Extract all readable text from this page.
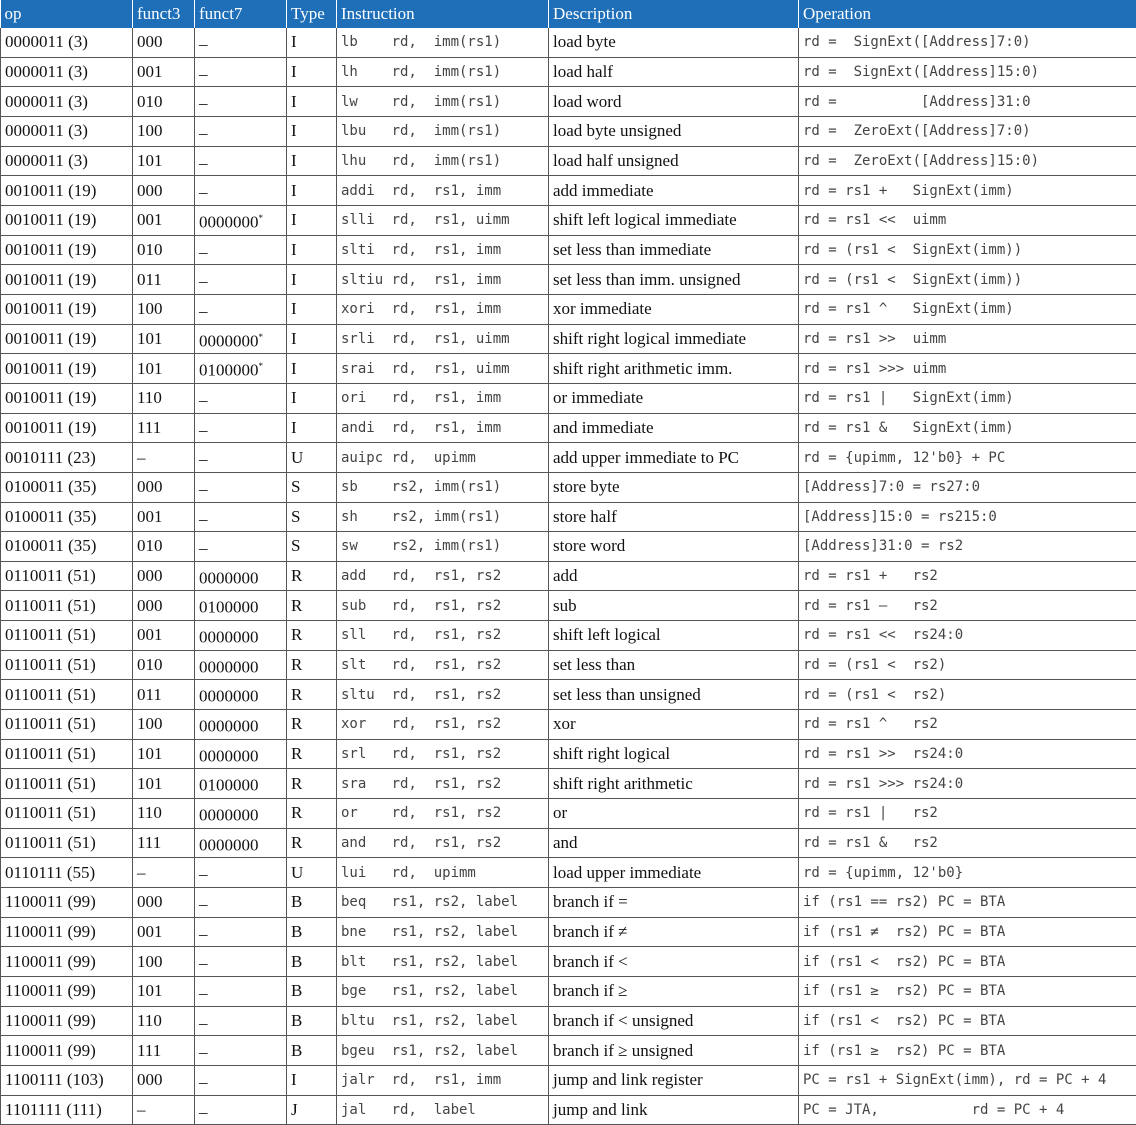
op	funct3	funct7	Type	Instruction	Description	Operation
0000011 (3)	000	–	I	lb    rd,  imm(rs1)	load byte	rd =  SignExt([Address]7:0)
0000011 (3)	001	–	I	lh    rd,  imm(rs1)	load half	rd =  SignExt([Address]15:0)
0000011 (3)	010	–	I	lw    rd,  imm(rs1)	load word	rd =          [Address]31:0
0000011 (3)	100	–	I	lbu   rd,  imm(rs1)	load byte unsigned	rd =  ZeroExt([Address]7:0)
0000011 (3)	101	–	I	lhu   rd,  imm(rs1)	load half unsigned	rd =  ZeroExt([Address]15:0)
0010011 (19)	000	–	I	addi  rd,  rs1, imm	add immediate	rd = rs1 +   SignExt(imm)
0010011 (19)	001	0000000*	I	slli  rd,  rs1, uimm	shift left logical immediate	rd = rs1 <<  uimm
0010011 (19)	010	–	I	slti  rd,  rs1, imm	set less than immediate	rd = (rs1 <  SignExt(imm))
0010011 (19)	011	–	I	sltiu rd,  rs1, imm	set less than imm. unsigned	rd = (rs1 <  SignExt(imm))
0010011 (19)	100	–	I	xori  rd,  rs1, imm	xor immediate	rd = rs1 ^   SignExt(imm)
0010011 (19)	101	0000000*	I	srli  rd,  rs1, uimm	shift right logical immediate	rd = rs1 >>  uimm
0010011 (19)	101	0100000*	I	srai  rd,  rs1, uimm	shift right arithmetic imm.	rd = rs1 >>> uimm
0010011 (19)	110	–	I	ori   rd,  rs1, imm	or immediate	rd = rs1 |   SignExt(imm)
0010011 (19)	111	–	I	andi  rd,  rs1, imm	and immediate	rd = rs1 &   SignExt(imm)
0010111 (23)	–	–	U	auipc rd,  upimm	add upper immediate to PC	rd = {upimm, 12'b0} + PC
0100011 (35)	000	–	S	sb    rs2, imm(rs1)	store byte	[Address]7:0 = rs27:0
0100011 (35)	001	–	S	sh    rs2, imm(rs1)	store half	[Address]15:0 = rs215:0
0100011 (35)	010	–	S	sw    rs2, imm(rs1)	store word	[Address]31:0 = rs2
0110011 (51)	000	0000000	R	add   rd,  rs1, rs2	add	rd = rs1 +   rs2
0110011 (51)	000	0100000	R	sub   rd,  rs1, rs2	sub	rd = rs1 —   rs2
0110011 (51)	001	0000000	R	sll   rd,  rs1, rs2	shift left logical	rd = rs1 <<  rs24:0
0110011 (51)	010	0000000	R	slt   rd,  rs1, rs2	set less than	rd = (rs1 <  rs2)
0110011 (51)	011	0000000	R	sltu  rd,  rs1, rs2	set less than unsigned	rd = (rs1 <  rs2)
0110011 (51)	100	0000000	R	xor   rd,  rs1, rs2	xor	rd = rs1 ^   rs2
0110011 (51)	101	0000000	R	srl   rd,  rs1, rs2	shift right logical	rd = rs1 >>  rs24:0
0110011 (51)	101	0100000	R	sra   rd,  rs1, rs2	shift right arithmetic	rd = rs1 >>> rs24:0
0110011 (51)	110	0000000	R	or    rd,  rs1, rs2	or	rd = rs1 |   rs2
0110011 (51)	111	0000000	R	and   rd,  rs1, rs2	and	rd = rs1 &   rs2
0110111 (55)	–	–	U	lui   rd,  upimm	load upper immediate	rd = {upimm, 12'b0}
1100011 (99)	000	–	B	beq   rs1, rs2, label	branch if =	if (rs1 == rs2) PC = BTA
1100011 (99)	001	–	B	bne   rs1, rs2, label	branch if ≠	if (rs1 ≠  rs2) PC = BTA
1100011 (99)	100	–	B	blt   rs1, rs2, label	branch if <	if (rs1 <  rs2) PC = BTA
1100011 (99)	101	–	B	bge   rs1, rs2, label	branch if ≥	if (rs1 ≥  rs2) PC = BTA
1100011 (99)	110	–	B	bltu  rs1, rs2, label	branch if < unsigned	if (rs1 <  rs2) PC = BTA
1100011 (99)	111	–	B	bgeu  rs1, rs2, label	branch if ≥ unsigned	if (rs1 ≥  rs2) PC = BTA
1100111 (103)	000	–	I	jalr  rd,  rs1, imm	jump and link register	PC = rs1 + SignExt(imm), rd = PC + 4
1101111 (111)	–	–	J	jal   rd,  label	jump and link	PC = JTA,           rd = PC + 4
